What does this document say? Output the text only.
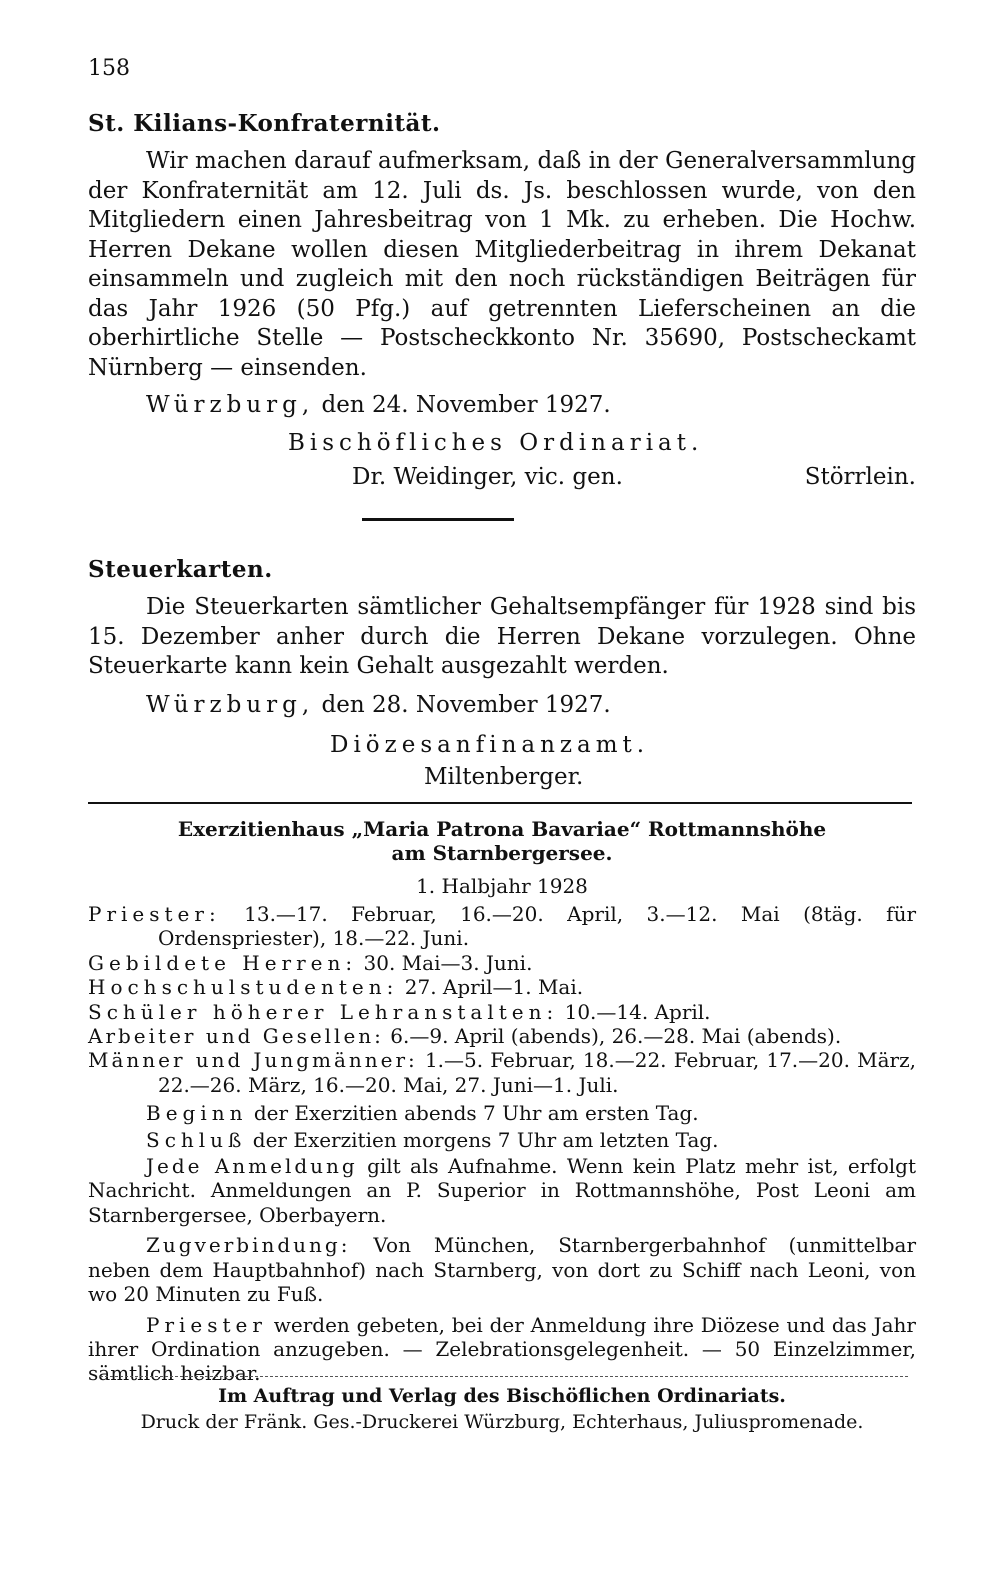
158
St. Kilians-Konfraternität.
Wir machen darauf aufmerksam, daß in der Generalversammlung der Konfraternität am 12. Juli ds. Js. beschlossen wurde, von den Mitgliedern einen Jahresbeitrag von 1 Mk. zu erheben. Die Hochw. Herren Dekane wollen diesen Mitgliederbeitrag in ihrem Dekanat einsammeln und zugleich mit den noch rückständigen Beiträgen für das Jahr 1926 (50 Pfg.) auf getrennten Lieferscheinen an die oberhirtliche Stelle — Postscheckkonto Nr. 35690, Postscheckamt Nürnberg — einsenden.
Würzburg, den 24. November 1927.
Bischöfliches Ordinariat.
Dr. Weidinger, vic. gen.	Störrlein.
Steuerkarten.
Die Steuerkarten sämtlicher Gehaltsempfänger für 1928 sind bis 15. Dezember anher durch die Herren Dekane vorzulegen. Ohne Steuerkarte kann kein Gehalt ausgezahlt werden.
Würzburg, den 28. November 1927.
Diözesanfinanzamt.
Miltenberger.
Exerzitienhaus „Maria Patrona Bavariae“ Rottmannshöhe
am Starnbergersee.
1. Halbjahr 1928
Priester: 13.—17. Februar, 16.—20. April, 3.—12. Mai (8täg. für Ordenspriester), 18.—22. Juni.
Gebildete Herren: 30. Mai—3. Juni.
Hochschulstudenten: 27. April—1. Mai.
Schüler höherer Lehranstalten: 10.—14. April.
Arbeiter und Gesellen: 6.—9. April (abends), 26.—28. Mai (abends).
Männer und Jungmänner: 1.—5. Februar, 18.—22. Februar, 17.—20. März, 22.—26. März, 16.—20. Mai, 27. Juni—1. Juli.
Beginn der Exerzitien abends 7 Uhr am ersten Tag.
Schluß der Exerzitien morgens 7 Uhr am letzten Tag.
Jede Anmeldung gilt als Aufnahme. Wenn kein Platz mehr ist, erfolgt Nachricht. Anmeldungen an P. Superior in Rottmannshöhe, Post Leoni am Starnbergersee, Oberbayern.
Zugverbindung: Von München, Starnbergerbahnhof (unmittelbar neben dem Hauptbahnhof) nach Starnberg, von dort zu Schiff nach Leoni, von wo 20 Minuten zu Fuß.
Priester werden gebeten, bei der Anmeldung ihre Diözese und das Jahr ihrer Ordination anzugeben. — Zelebrationsgelegenheit. — 50 Einzelzimmer, sämtlich heizbar.
Im Auftrag und Verlag des Bischöflichen Ordinariats.
Druck der Fränk. Ges.-Druckerei Würzburg, Echterhaus, Juliuspromenade.
